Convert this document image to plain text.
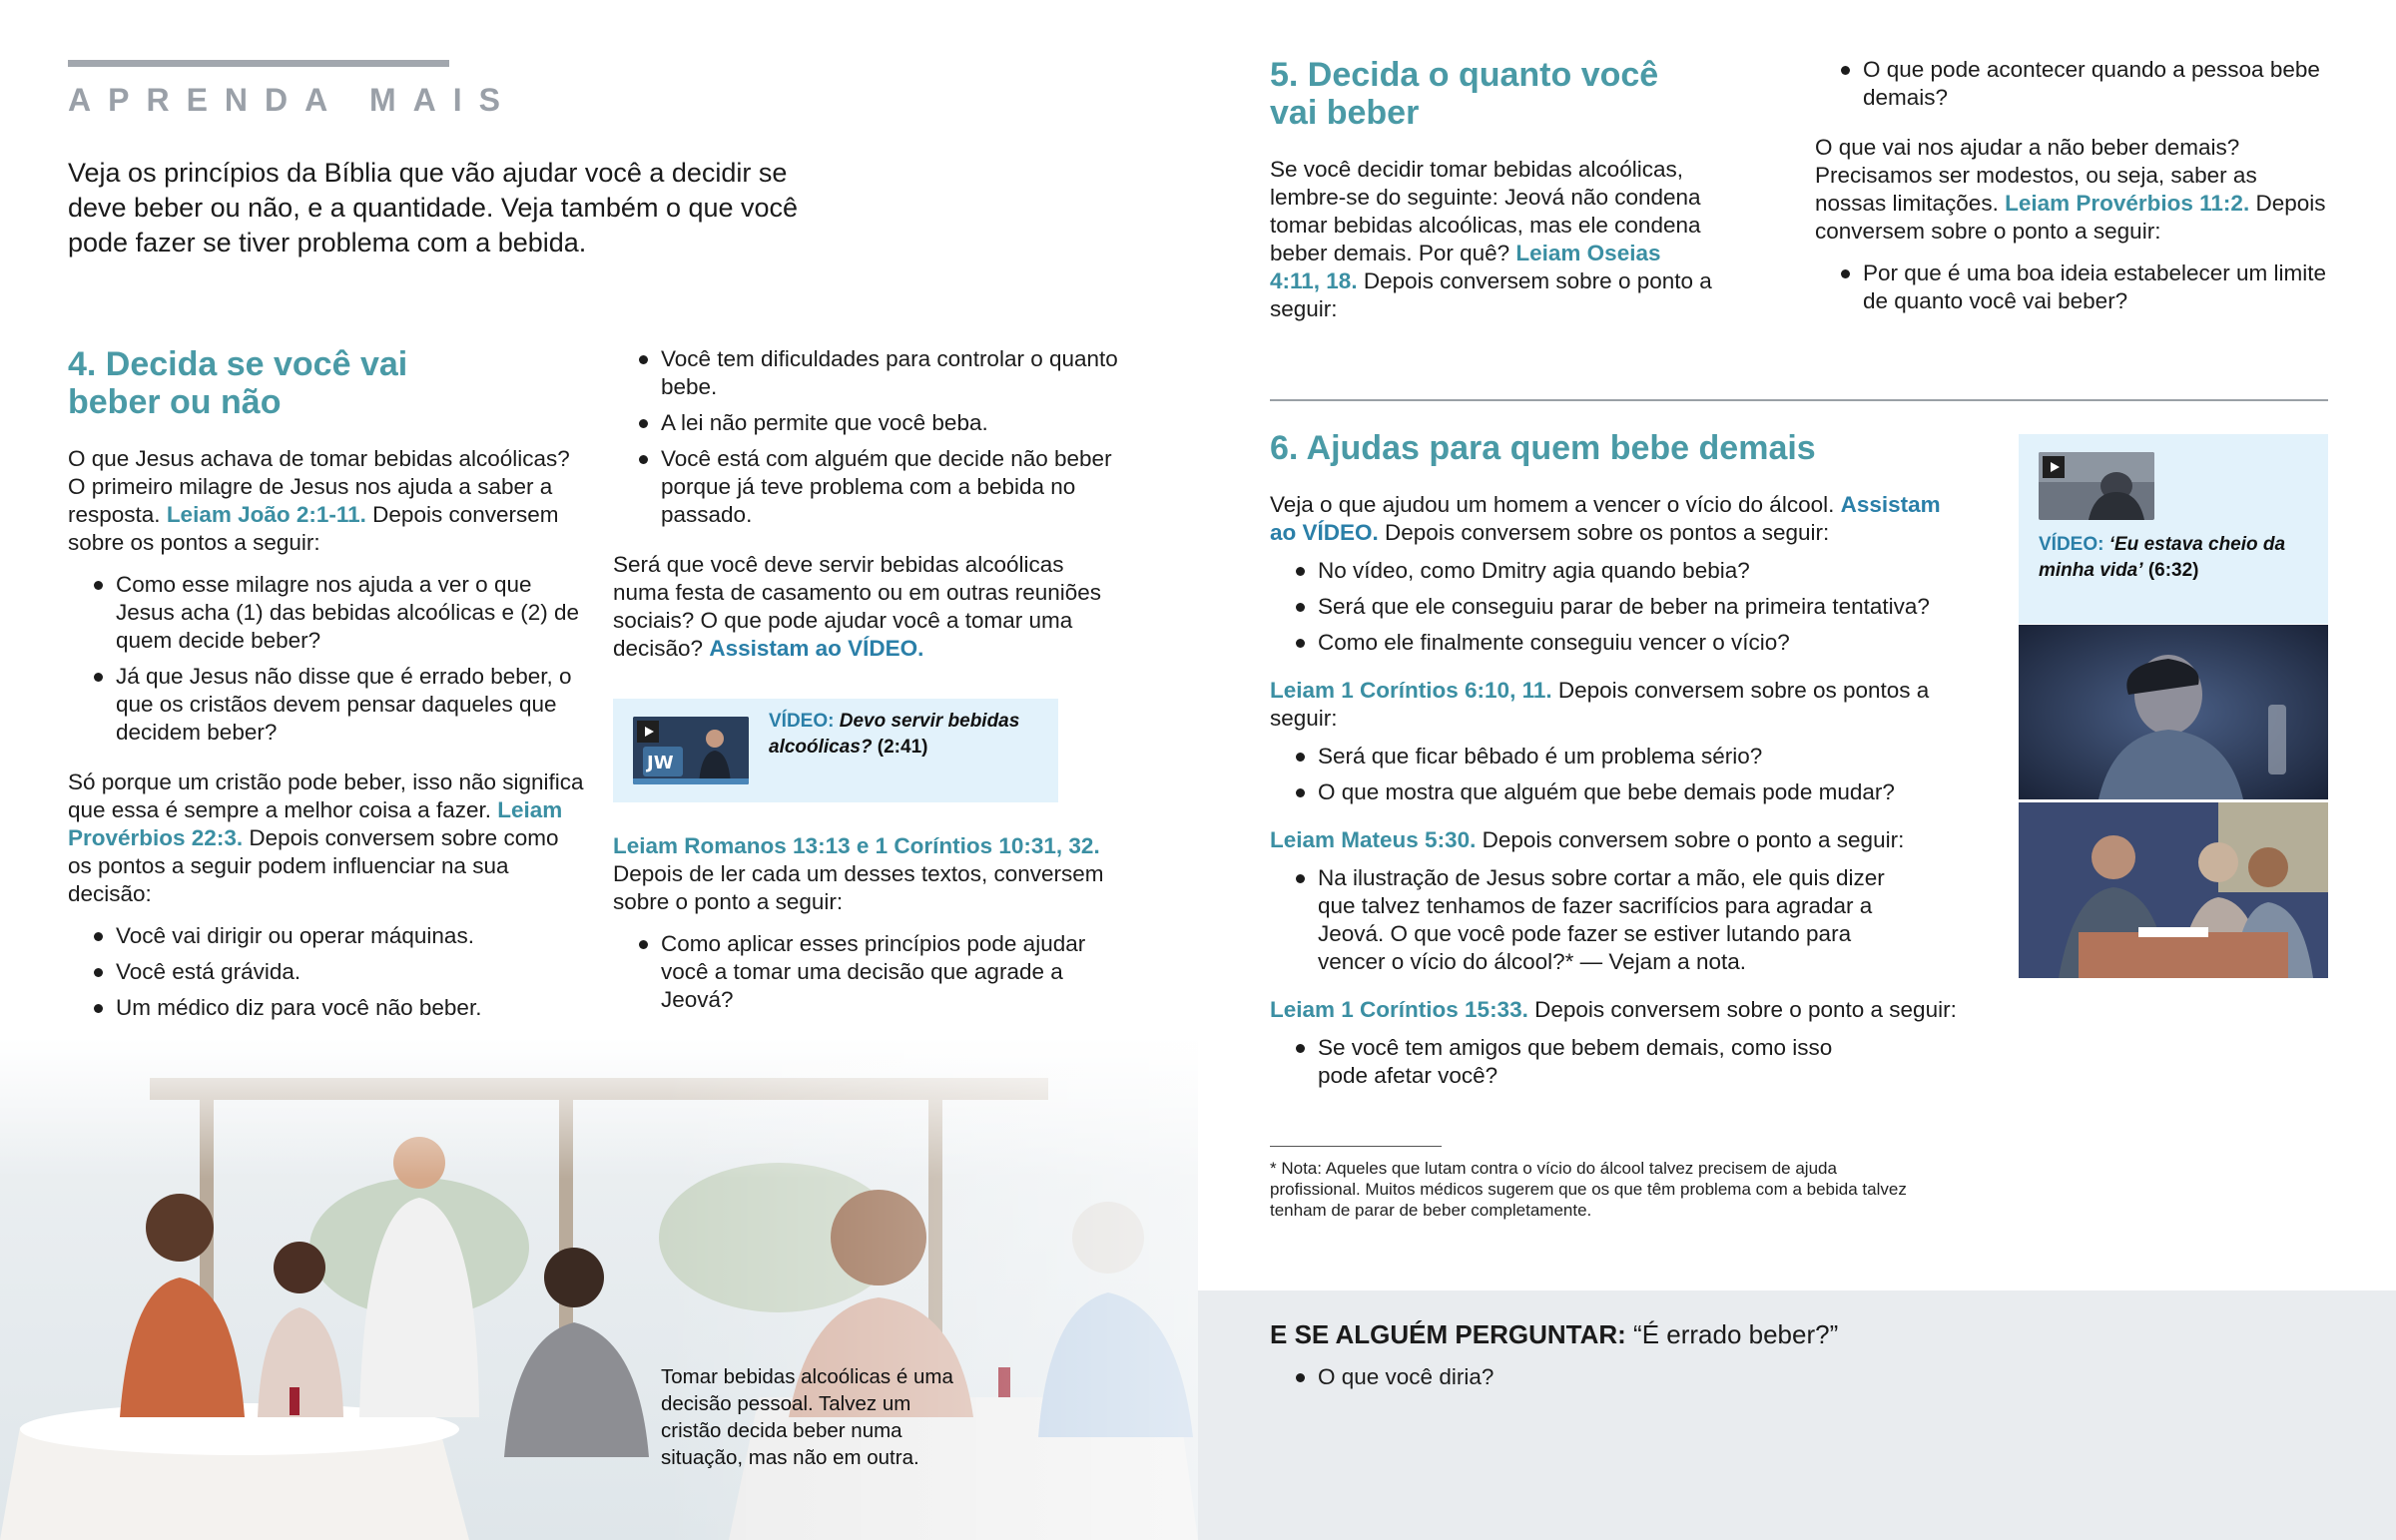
APRENDA MAIS

Veja os princípios da Bíblia que vão ajudar você a decidir se deve beber ou não, e a quantidade. Veja também o que você pode fazer se tiver problema com a bebida.

4. Decida se você vai
beber ou não

O que Jesus achava de tomar bebidas alcoólicas? O primeiro milagre de Jesus nos ajuda a saber a resposta. Leiam João 2:1-11. Depois conversem sobre os pontos a seguir:

Como esse milagre nos ajuda a ver o que Jesus acha (1) das bebidas alcoólicas e (2) de quem decide beber?
Já que Jesus não disse que é errado beber, o que os cristãos devem pensar daqueles que decidem beber?

Só porque um cristão pode beber, isso não significa que essa é sempre a melhor coisa a fazer. Leiam Provérbios 22:3. Depois conversem sobre como os pontos a seguir podem influenciar na sua decisão:

Você vai dirigir ou operar máquinas.
Você está grávida.
Um médico diz para você não beber.
Você tem dificuldades para controlar o quanto bebe.
A lei não permite que você beba.
Você está com alguém que decide não beber porque já teve problema com a bebida no passado.

Será que você deve servir bebidas alcoólicas numa festa de casamento ou em outras reuniões sociais? O que pode ajudar você a tomar uma decisão? Assistam ao VÍDEO.

JW
VÍDEO: Devo servir bebidas alcoólicas? (2:41)

Leiam Romanos 13:13 e 1 Coríntios 10:31, 32.
Depois de ler cada um desses textos, conversem sobre o ponto a seguir:

Como aplicar esses princípios pode ajudar você a tomar uma decisão que agrade a Jeová?

Tomar bebidas alcoólicas é uma decisão pessoal. Talvez um cristão decida beber numa situação, mas não em outra.

5. Decida o quanto você
vai beber

Se você decidir tomar bebidas alcoólicas, lembre-se do seguinte: Jeová não condena tomar bebidas alcoólicas, mas ele condena beber demais. Por quê? Leiam Oseias 4:11, 18. Depois conversem sobre o ponto a seguir:

O que pode acontecer quando a pessoa bebe demais?

O que vai nos ajudar a não beber demais? Precisamos ser modestos, ou seja, saber as nossas limitações. Leiam Provérbios 11:2. Depois conversem sobre o ponto a seguir:

Por que é uma boa ideia estabelecer um limite de quanto você vai beber?
6. Ajudas para quem bebe demais

Veja o que ajudou um homem a vencer o vício do álcool. Assistam ao VÍDEO. Depois conversem sobre os pontos a seguir:

No vídeo, como Dmitry agia quando bebia?
Será que ele conseguiu parar de beber na primeira tentativa?
Como ele finalmente conseguiu vencer o vício?

Leiam 1 Coríntios 6:10, 11. Depois conversem sobre os pontos a seguir:

Será que ficar bêbado é um problema sério?
O que mostra que alguém que bebe demais pode mudar?

Leiam Mateus 5:30. Depois conversem sobre o ponto a seguir:

Na ilustração de Jesus sobre cortar a mão, ele quis dizer que talvez tenhamos de fazer sacrifícios para agradar a Jeová. O que você pode fazer se estiver lutando para vencer o vício do álcool?* — Vejam a nota.

Leiam 1 Coríntios 15:33. Depois conversem sobre o ponto a seguir:

Se você tem amigos que bebem demais, como isso pode afetar você?

* Nota: Aqueles que lutam contra o vício do álcool talvez precisem de ajuda profissional. Muitos médicos sugerem que os que têm problema com a bebida talvez tenham de parar de beber completamente.

VÍDEO: ‘Eu estava cheio da minha vida’ (6:32)
E SE ALGUÉM PERGUNTAR: “É errado beber?”
O que você diria?
